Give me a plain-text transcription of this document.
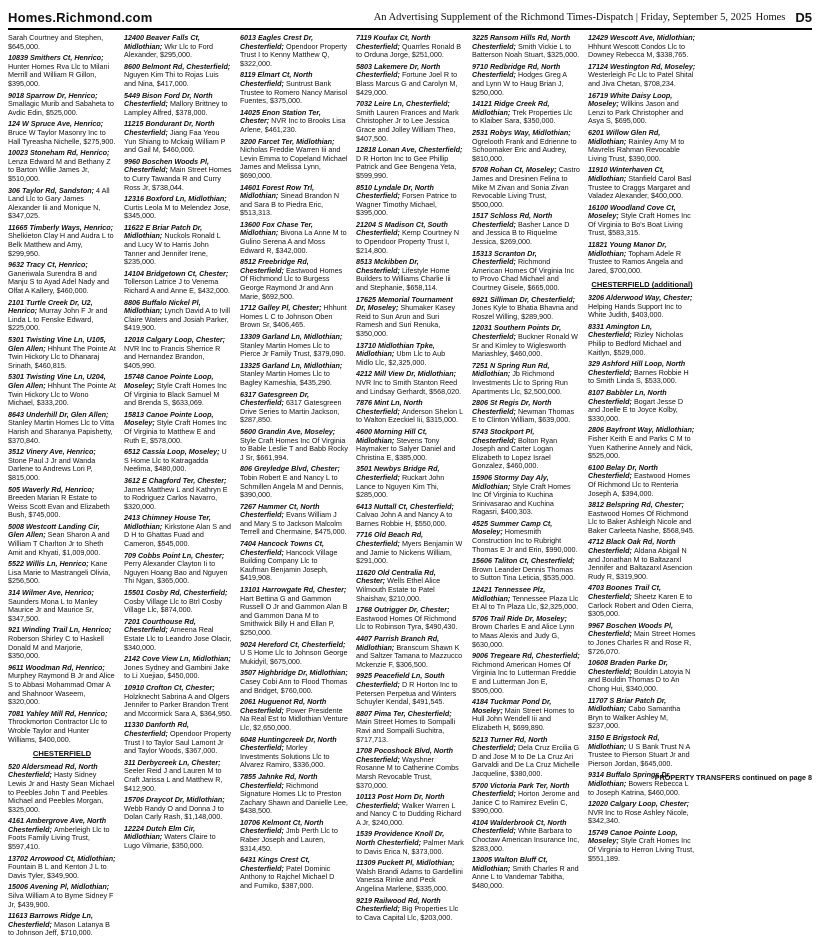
Homes.Richmond.com	An Advertising Supplement of the Richmond Times-Dispatch | Friday, September 5, 2025 Homes D5
Sarah Courtney and Stephen, $645,000.
10839 Smithers Ct, Henrico; Hunter Homes Rva Llc to Milani Merrill and William R Gillon, $395,000.
9018 Sparrow Dr, Henrico; Smallagic Murib and Sabaheta to Avdic Edin, $525,000.
124 W Spruce Ave, Henrico; Bruce W Taylor Masonry Inc to Hall Tyreasha Nichelle, $275,900.
10023 Stoneham Rd, Henrico; Lenza Edward M and Bethany Z to Barton Willie James Jr, $510,000.
306 Taylor Rd, Sandston; 4 All Land Llc to Gary James Alexander Iii and Monique N, $347,025.
11665 Timberly Ways, Henrico; Shelkieton Clay H and Audra L to Belk Matthew and Amy, $299,950.
9632 Tracy Ct, Henrico; Ganeriwala Surendra B and Manju S to Ayad Adel Nady and Olfat A Kallery, $460,000.
2101 Turtle Creek Dr, U2, Henrico; Murray John F Jr and Linda L to Fenske Edward, $225,000.
5301 Twisting Vine Ln, U105, Glen Allen; Hhhunt The Pointe At Twin Hickory Llc to Dhanaraj Srinath, $460,815.
5301 Twisting Vine Ln, U204, Glen Allen; Hhhunt The Pointe At Twin Hickory Llc to Wono Michael, $333,200.
8643 Underhill Dr, Glen Allen; Stanley Martin Homes Llc to Vitta Harish and Sharanya Papishetty, $370,840.
3512 Vinery Ave, Henrico; Stone Paul J Jr and Wanda Darlene to Andrews Lori P, $815,000.
505 Waverly Rd, Henrico; Breeden Marian R Estate to Weiss Scott Evan and Elizabeth Bush, $745,000.
5008 Westcott Landing Cir, Glen Allen; Sean Sharon A and William T Charlton Jr to Sheth Amit and Khyati, $1,009,000.
5522 Willis Ln, Henrico; Kane Lisa Marie to Mastrangeli Olivia, $256,500.
314 Wilmer Ave, Henrico; Saunders Mona L to Manley Maurice Jr and Maurice Sr, $347,500.
921 Winding Trail Ln, Henrico; Roberson Shirley C to Haskell Donald M and Marjorie, $350,000.
9611 Woodman Rd, Henrico; Murphey Raymond B Jr and Alice S to Abbasi Mohammad Omar A and Shahnoor Waseem, $320,000.
7081 Yahley Mill Rd, Henrico; Throckmorton Contractor Llc to Wroble Taylor and Hunter Williams, $400,000.
CHESTERFIELD
520 Aldersmead Rd, North Chesterfield; Hasty Sidney Lewis Jr and Hasty Sean Michael to Peebles John T and Peebles Michael and Peebles Morgan, $325,000.
4161 Ambergrove Ave, North Chesterfield; Amberleigh Llc to Foots Family Living Trust, $597,410.
13702 Arrowood Ct, Midlothian; Fountain B L and Kenton J L to Davis Tyler, $349,900.
15006 Avening Pl, Midlothian; Silva William A to Byme Sidney F Jr, $439,900.
11613 Barrows Ridge Ln, Chesterfield; Mason Latanya B to Johnson Jeff, $710,000.
12400 Beaver Falls Ct, Midlothian; Wkr Llc to Ford Alexander, $295,000.
8600 Belmont Rd, Chesterfield; Nguyen Kim Thi to Rojas Luis and Nina, $417,000.
5449 Bison Ford Dr, North Chesterfield; Mallory Brittney to Lampley Alfred, $378,000.
11215 Bondurant Dr, North Chesterfield; Jiang Faa Yeou Yun Shiang to Mckaig William P and Gail M, $460,000.
9960 Boschen Woods Pl, Chesterfield; Main Street Homes to Curry Tawanda R and Curry Ross Jr, $738,044.
12316 Boxford Ln, Midlothian; Curtis Leola M to Melendez Jose, $345,000.
11622 E Briar Patch Dr, Midlothian; Nuckols Ronald L and Lucy W to Harris John Tanner and Jennifer Irene, $235,000.
14104 Bridgetown Ct, Chester; Tollerson Latrice J to Venema Richard A and Anne E, $432,000.
8806 Buffalo Nickel Pl, Midlothian; Lynch David A to Ivill Claire Waters and Josiah Parker, $419,900.
12018 Calgary Loop, Chester; NVR Inc to Francis Sherrice R and Hernandez Brandon, $405,990.
15748 Canoe Pointe Loop, Moseley; Style Craft Homes Inc Of Virginia to Black Samuel M and Brenda S, $633,069.
15813 Canoe Pointe Loop, Moseley; Style Craft Homes Inc Of Virginia to Matthew E and Ruth E, $578,000.
6512 Cassia Loop, Moseley; U S Home Llc to Katragadda Neelima, $480,000.
3612 E Chagford Ter, Chester; James Matthew L and Kathryn E to Rodriguez Carlos Navarro, $320,000.
2413 Chimney House Ter, Midlothian; Kirkstone Alan S and D H to Ghattas Fuad and Cameron, $545,000.
709 Cobbs Point Ln, Chester; Perry Alexander Clayton Ii to Nguyen Hoang Bao and Nguyen Thi Ngan, $365,000.
15501 Cosby Rd, Chesterfield; Cosby Village Llc to Btrl Cosby Village Llc, $874,000.
7201 Courthouse Rd, Chesterfield; Ameena Real Estate Llc to Leandro Jose Olacir, $340,000.
2142 Cove View Ln, Midlothian; Jones Sydney and Gambini Jake to Li Xuejiao, $450,000.
10910 Crofton Ct, Chester; Holzknecht Sabrina A and Olgers Jennifer to Parker Brandon Trent and Mccormick Sara A, $364,950.
11330 Danforth Rd, Chesterfield; Opendoor Property Trust I to Taylor Saul Lamont Jr and Taylor Woods, $367,000.
311 Derbycreek Ln, Chester; Seeler Reid J and Lauren M to Craft Jarissa L and Matthew R, $412,900.
15706 Draycot Dr, Midlothian; Webb Randy O and Donna J to Dolan Carly Rash, $1,148,000.
12224 Dutch Elm Cir, Midlothian; Waters Claire to Lugo Vilmarie, $350,000.
6013 Eagles Crest Dr, Chesterfield; Opendoor Property Trust I to Kenny Matthew Q, $322,000.
8119 Elmart Ct, North Chesterfield; Suntrust Bank Trustee to Romero Nancy Marisol Fuentes, $375,000.
14025 Enon Station Ter, Chester; NVR Inc to Brooks Lisa Arlene, $461,230.
3200 Farcet Ter, Midlothian; Nicholas Freddie Warren Iii and Levin Emma to Copeland Michael James and Melissa Lynn, $690,000.
14601 Forest Row Trl, Midlothian; Sinead Brandon N and Sara B to Piedra Eric, $513,313.
13600 Fox Chase Ter, Midlothian; Bivona La Anne M to Gulino Serena A and Moss Edward R, $342,000.
8512 Freebridge Rd, Chesterfield; Eastwood Homes Of Richmond Llc to Burgess George Raymond Jr and Ann Marie, $692,500.
1712 Galley Pl, Chester; Hhhunt Homes L C to Johnson Oben Brown Sr, $406,465.
13309 Garland Ln, Midlothian; Stanley Martin Homes Llc to Pierce Jr Family Trust, $379,090.
13325 Garland Ln, Midlothian; Stanley Martin Homes Llc to Bagley Kameshia, $435,290.
6317 Gatesgreen Dr, Chesterfield; 6317 Gatesgreen Drive Series to Martin Jackson, $287,850.
5600 Grandin Ave, Moseley; Style Craft Homes Inc Of Virginia to Bable Leslie T and Babb Rocky J Sr, $661,994.
806 Greyledge Blvd, Chester; Tobin Robert E and Nancy L to Schmillen Angela M and Dennis, $390,000.
7267 Hammer Ct, North Chesterfield; Evans William J and Mary S to Jackson Malcolm Terrell and Chermaine, $475,000.
7404 Hancock Towns Ct, Chesterfield; Hancock Village Building Company Llc to Kaufman Benjamin Joseph, $419,908.
13101 Harrowgate Rd, Chester; Hart Bettina G and Gammon Russell O Jr and Gammon Alan B and Gammon Dana M to Smithwick Billy H and Ellan P, $250,000.
9024 Hereford Ct, Chesterfield; U S Home Llc to Johnson George Mukidyil, $675,000.
3507 Highbridge Dr, Midlothian; Casey Cobi Ann to Flood Thomas and Bridget, $760,000.
2061 Huguenot Rd, North Chesterfield; Power Presidente Na Real Est to Midlothian Venture Llc, $2,650,000.
6048 Huntingcreek Dr, North Chesterfield; Morley Investments Solutions Llc to Alvarez Ramiro, $336,000.
7855 Jahnke Rd, North Chesterfield; Richmond Signature Homes Llc to Preston Zachary Shawn and Danielle Lee, $438,500.
10706 Kelmont Ct, North Chesterfield; Jmb Perth Llc to Raber Joseph and Lauren, $314,450.
6431 Kings Crest Ct, Chesterfield; Patel Dominic Anthony to Rajchel Michael D and Fumiko, $387,000.
7119 Koufax Ct, North Chesterfield; Quarrles Ronald B to Orduna Jorge, $251,000.
5803 Lakemere Dr, North Chesterfield; Fortune Joel R to Blass Marcus G and Carolyn M, $429,000.
7032 Leire Ln, Chesterfield; Smith Lauren Frances and Mark Christopher Jr to Lee Jessica Grace and Jolley William Theo, $407,500.
12818 Lonan Ave, Chesterfield; D R Horton Inc to Gee Phillip Patrick and Gee Bengena Yeta, $599,990.
8510 Lyndale Dr, North Chesterfield; Forsen Patrice to Wagner Timothy Michael, $395,000.
21204 S Madison Ct, South Chesterfield; Kemp Courtney N to Opendoor Property Trust I, $214,800.
8513 Mckibben Dr, Chesterfield; Lifestyle Home Builders to Williams Charlie Iii and Stephanie, $658,114.
17625 Memorial Tournament Dr, Moseley; Shumaker Kasey Reid to Sun Arun and Suri Ramesh and Suri Renuka, $350,000.
13710 Midlothian Tpke, Midlothian; Ubm Llc to Aub Midlo Llc, $2,325,000.
4212 Mill View Dr, Midlothian; NVR Inc to Smith Stanton Reed and Lindsay Gerhardt, $568,020.
7876 Mint Ln, North Chesterfield; Anderson Shelon L to Walton Ezeckiel Iii, $315,000.
4600 Morning Hill Ct, Midlothian; Stevens Tony Haymaker to Salyer Daniel and Christina E, $385,000.
3501 Newbys Bridge Rd, Chesterfield; Ruckart John Lance to Nguyen Kim Thi, $285,000.
6413 Nuttall Ct, Chesterfield; Calvao John A and Nancy A to Barnes Robbie H, $550,000.
7716 Old Beach Rd, Chesterfield; Myers Benjamin W and Jamie to Nickens William, $291,000.
11620 Old Centralia Rd, Chester; Wells Ethel Alice Wilmouth Estate to Patel Shaishav, $210,000.
1768 Outrigger Dr, Chester; Eastwood Homes Of Richmond Llc to Robinson Tyra, $490,430.
4407 Parrish Branch Rd, Midlothian; Branscum Shawn K and Saltzer Tamana to Mazzucco Mckenzie F, $306,500.
9925 Peacefield Ln, South Chesterfield; D R Horton Inc to Petersen Perpetua and Winters Schuyler Kendal, $491,545.
8807 Pima Ter, Chesterfield; Main Street Homes to Sompalli Ravi and Sompalli Suchitra, $717,713.
1708 Pocoshock Blvd, North Chesterfield; Wayshner Rosanne M to Catherine Combs Marsh Revocable Trust, $370,000.
10113 Post Horn Dr, North Chesterfield; Walker Warren L and Nancy C to Dudding Richard A Jr, $240,000.
1539 Providence Knoll Dr, North Chesterfield; Palmer Mark to Davis Erica N, $373,000.
11309 Puckett Pl, Midlothian; Walsh Brandi Adams to Gardellini Vanessa Rinke and Peck Angelina Marlene, $335,000.
9219 Railwood Rd, North Chesterfield; Big Properties Llc to Cava Capital Llc, $203,000.
3225 Ransom Hills Rd, North Chesterfield; Smith Vickie L to Batterson Noah Stuart, $325,000.
9710 Redbridge Rd, North Chesterfield; Hodges Greg A and Lynn W to Haug Brian J, $250,000.
14121 Ridge Creek Rd, Midlothian; Trek Properties Llc to Klaiber Sara, $350,000.
2531 Robys Way, Midlothian; Ogrelooth Frank and Edrienne to Schoomaker Eric and Audrey, $810,000.
5708 Rohan Ct, Moseley; Castro James and Dresinen Felina to Mike M Zivan and Sonia Zivan Revocable Living Trust, $500,000.
1517 Schloss Rd, North Chesterfield; Basher Lance D and Jessica B to Riquelme Jessica, $269,000.
15313 Scranton Dr, Chesterfield; Richmond American Homes Of Virginia Inc to Provo Chad Michael and Courtney Gisele, $665,000.
6921 Silliman Dr, Chesterfield; Jones Kyle to Bhatia Bhavna and Roszel Willing, $289,900.
12031 Southern Points Dr, Chesterfield; Buckner Ronald W Sr and Kimley to Wiglesworth Mariashley, $460,000.
7251 N Spring Run Rd, Midlothian; Jb Richmond Investments Llc to Spring Run Apartments Llc, $2,500,000.
2806 St Regis Dr, North Chesterfield; Newman Thomas E to Clinton William, $639,000.
5743 Stockport Pl, Chesterfield; Bolton Ryan Joseph and Carter Logan Elizabeth to Lopez Israel Gonzalez, $460,000.
15906 Stormy Day Aly, Midlothian; Style Craft Homes Inc Of Virginia to Kuchina Srinivasarao and Kuchina Ragasri, $400,303.
4525 Summer Camp Ct, Moseley; Homesmith Construction Inc to Rubright Thomas E Jr and Erin, $990,000.
15606 Taliton Ct, Chesterfield; Brown Leander Dennis Thomas to Sutton Tina Leticia, $535,000.
12421 Tennessee Plz, Midlothian; Tennessee Plaza Llc Et Al to Tn Plaza Llc, $2,325,000.
5706 Trail Ride Dr, Moseley; Brown Charles E and Alice Lynn to Maas Alexis and Judy G, $630,000.
9006 Tregeare Rd, Chesterfield; Richmond American Homes Of Virginia Inc to Lutterman Freddie E and Lutterman Jon E, $505,000.
4184 Tuckmar Pond Dr, Moseley; Main Street Homes to Hull John Wendell Iii and Elizabeth H, $699,890.
5213 Turner Rd, North Chesterfield; Dela Cruz Ercilia G D and Jose M to De La Cruz Ari Garvaldi and De La Cruz Michelle Jacqueline, $380,000.
5700 Victoria Park Ter, North Chesterfield; Horton Jerome and Janice C to Ramirez Evelin C, $390,000.
4104 Walderbrook Ct, North Chesterfield; White Barbara to Choctaw American Insurance Inc, $283,000.
13005 Walton Bluff Ct, Midlothian; Smith Charles R and Anne L to Vandemar Tabitha, $480,000.
12429 Wescott Ave, Midlothian; Hhhunt Wescott Condos Llc to Downey Rebecca M, $338,765.
17124 Westington Rd, Moseley; Westerleigh Fc Llc to Patel Shital and Jiva Chetan, $708,234.
16719 White Daisy Loop, Moseley; Wilkins Jason and Lenzi to Park Christopher and Asya S, $695,000.
6201 Willow Glen Rd, Midlothian; Rainley Amy M to Mavrelis Rahman Revocable Living Trust, $390,000.
11910 Winterhaven Ct, Midlothian; Stanfield Carol Basl Trustee to Craggs Margaret and Valadez Alexander, $400,000.
16100 Woodland Cove Ct, Moseley; Style Craft Homes Inc Of Virginia to Bo's Boat Living Trust, $583,315.
11821 Young Manor Dr, Midlothian; Topham Adele R Trustee to Ramos Angela and Jared, $700,000.
CHESTERFIELD (additional)
3206 Alderwood Way, Chester; Helping Hands Support Inc to White Judith, $403,000.
8331 Amington Ln, Chesterfield; Rizley Nicholas Philip to Bedford Michael and Kaitlyn, $529,000.
329 Ashford Hill Loop, North Chesterfield; Barnes Robbie H to Smith Linda S, $533,000.
8107 Babbler Ln, North Chesterfield; Bogart Jesse D and Joelle E to Joyce Kolby, $330,000.
2806 Bayfront Way, Midlothian; Fisher Keith E and Parks C M to Yuen Katherine Annely and Nick, $525,000.
6100 Belay Dr, North Chesterfield; Eastwood Homes Of Richmond Llc to Renteria Joseph A, $394,000.
3812 Belspring Rd, Chester; Eastwood Homes Of Richmond Llc to Baker Ashleigh Nicole and Baker Carleeta Nashe, $568,945.
4712 Black Oak Rd, North Chesterfield; Aldana Abigail N and Jonathan M to Baltazarxl Jennifer and Baltazarxl Asencion Rudy R, $319,900.
4703 Boones Trail Ct, Chesterfield; Sheetz Karen E to Carlock Robert and Oden Cierra, $305,000.
9967 Boschen Woods Pl, Chesterfield; Main Street Homes to Jones Charles R and Rose R, $726,070.
10608 Braden Parke Dr, Chesterfield; Bouldin Latoyia N and Bouldin Thomas D to An Chong Hui, $340,000.
11707 S Briar Patch Dr, Midlothian; Cabo Samantha Bryn to Walker Ashley M, $237,000.
3150 E Brigstock Rd, Midlothian; U S Bank Trust N A Trustee to Pierson Stuart Jr and Pierson Jordan, $645,000.
9314 Buffalo Springs Dr, Midlothian; Bowers Rebecca L to Joseph Katrina, $460,000.
12020 Calgary Loop, Chester; NVR Inc to Rose Ashley Nicole, $342,340.
15749 Canoe Pointe Loop, Moseley; Style Craft Homes Inc Of Virginia to Herron Living Trust, $551,189.
PROPERTY TRANSFERS continued on page 8
